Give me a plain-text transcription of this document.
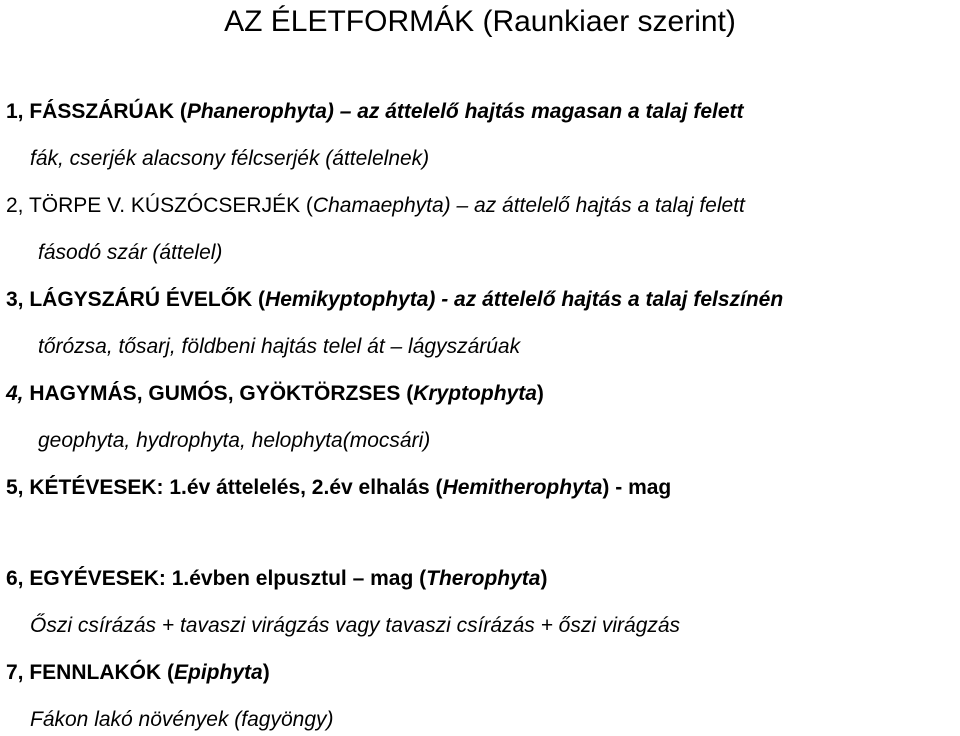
AZ ÉLETFORMÁK (Raunkiaer szerint)
1, FÁSSZÁRÚAK (Phanerophyta) – az áttelelő hajtás magasan a talaj felett
fák, cserjék alacsony félcserjék (áttelelnek)
2, TÖRPE V. KÚSZÓCSERJÉK (Chamaephyta) – az áttelelő hajtás a talaj felett
fásodó szár (áttelel)
3, LÁGYSZÁRÚ ÉVELŐK (Hemikyptophyta) - az áttelelő hajtás a talaj felszínén
tőrózsa, tősarj, földbeni hajtás telel át – lágyszárúak
4, HAGYMÁS, GUMÓS, GYÖKTÖRZSES (Kryptophyta)
geophyta, hydrophyta, helophyta(mocsári)
5, KÉTÉVESEK: 1.év áttelelés, 2.év elhalás (Hemitherophyta) - mag
6, EGYÉVESEK: 1.évben elpusztul – mag (Therophyta)
Őszi csírázás + tavaszi virágzás vagy tavaszi csírázás + őszi virágzás
7, FENNLAKÓK (Epiphyta)
Fákon lakó növények (fagyöngy)
